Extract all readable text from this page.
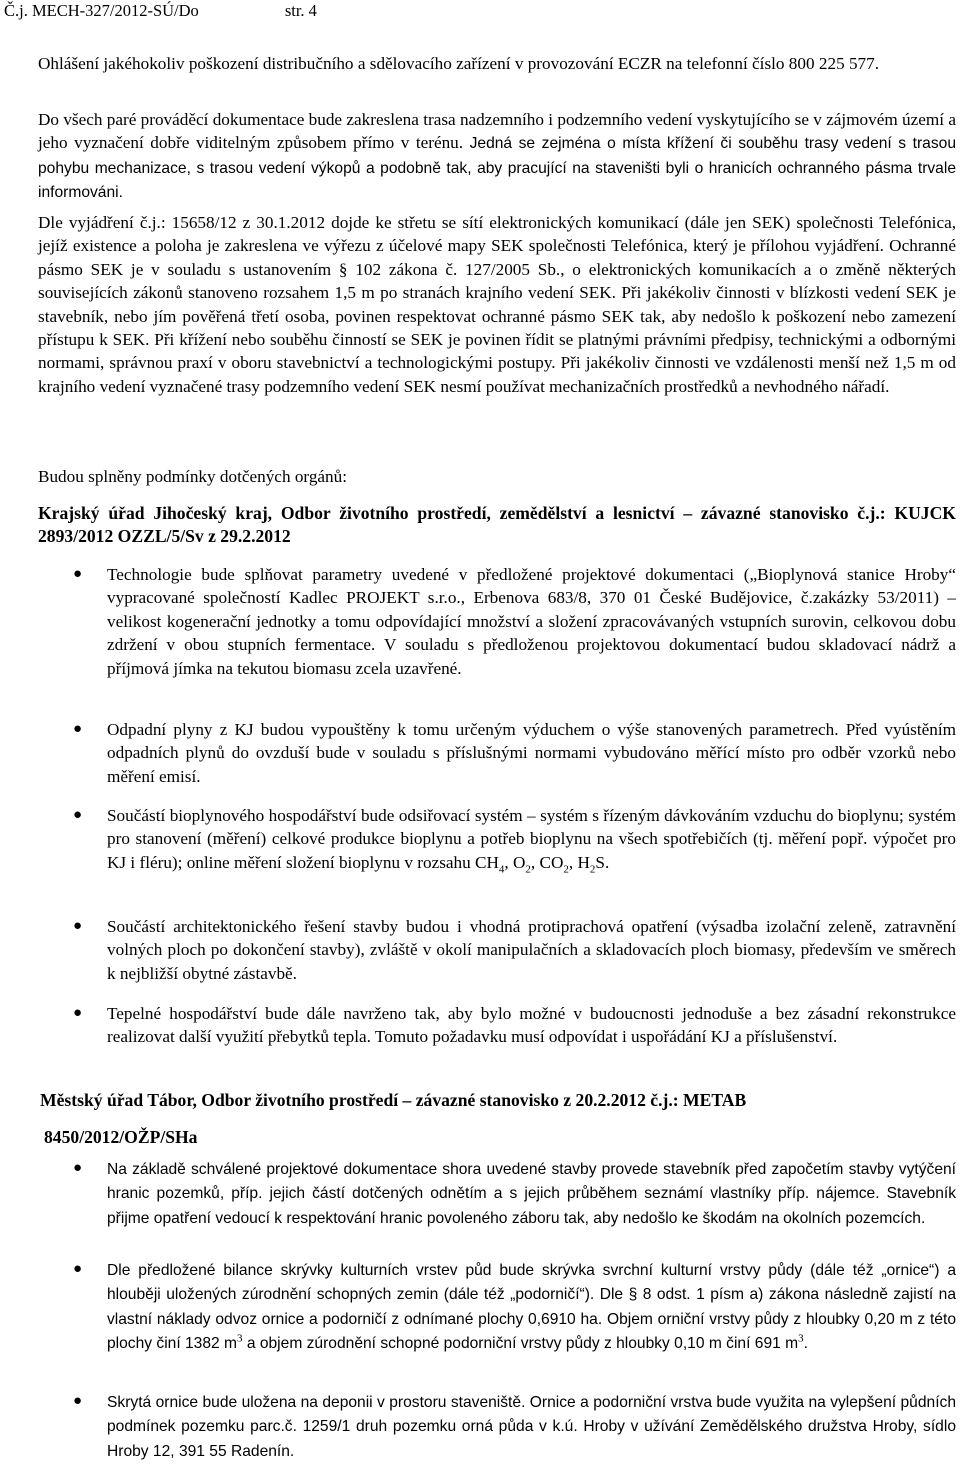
Č.j. MECH-327/2012-SÚ/Do	str. 4
Ohlášení jakéhokoliv poškození distribučního a sdělovacího zařízení v provozování ECZR na telefonní číslo 800 225 577.
Do všech paré prováděcí dokumentace bude zakreslena trasa nadzemního i podzemního vedení vyskytujícího se v zájmovém území a jeho vyznačení dobře viditelným způsobem přímo v terénu. Jedná se zejména o místa křížení či souběhu trasy vedení s trasou pohybu mechanizace, s trasou vedení výkopů a podobně tak, aby pracující na staveništi byli o hranicích ochranného pásma trvale informováni.
Dle vyjádření č.j.: 15658/12 z 30.1.2012 dojde ke střetu se sítí elektronických komunikací (dále jen SEK) společnosti Telefónica, jejíž existence a poloha je zakreslena ve výřezu z účelové mapy SEK společnosti Telefónica, který je přílohou vyjádření. Ochranné pásmo SEK je v souladu s ustanovením § 102 zákona č. 127/2005 Sb., o elektronických komunikacích a o změně některých souvisejících zákonů stanoveno rozsahem 1,5 m po stranách krajního vedení SEK. Při jakékoliv činnosti v blízkosti vedení SEK je stavebník, nebo jím pověřená třetí osoba, povinen respektovat ochranné pásmo SEK tak, aby nedošlo k poškození nebo zamezení přístupu k SEK. Při křížení nebo souběhu činností se SEK je povinen řídit se platnými právními předpisy, technickými a odbornými normami, správnou praxí v oboru stavebnictví a technologickými postupy. Při jakékoliv činnosti ve vzdálenosti menší než 1,5 m od krajního vedení vyznačené trasy podzemního vedení SEK nesmí používat mechanizačních prostředků a nevhodného nářadí.
Budou splněny podmínky dotčených orgánů:
Krajský úřad Jihočeský kraj, Odbor životního prostředí, zemědělství a lesnictví – závazné stanovisko č.j.: KUJCK 2893/2012 OZZL/5/Sv z 29.2.2012
● Technologie bude splňovat parametry uvedené v předložené projektové dokumentaci („Bioplynová stanice Hroby“ vypracované společností Kadlec PROJEKT s.r.o., Erbenova 683/8, 370 01 České Budějovice, č.zakázky 53/2011) – velikost kogenerační jednotky a tomu odpovídající množství a složení zpracovávaných vstupních surovin, celkovou dobu zdržení v obou stupních fermentace. V souladu s předloženou projektovou dokumentací budou skladovací nádrž a příjmová jímka na tekutou biomasu zcela uzavřené.
● Odpadní plyny z KJ budou vypouštěny k tomu určeným výduchem o výše stanovených parametrech. Před vyústěním odpadních plynů do ovzduší bude v souladu s příslušnými normami vybudováno měřící místo pro odběr vzorků nebo měření emisí.
● Součástí bioplynového hospodářství bude odsiřovací systém – systém s řízeným dávkováním vzduchu do bioplynu; systém pro stanovení (měření) celkové produkce bioplynu a potřeb bioplynu na všech spotřebičích (tj. měření popř. výpočet pro KJ i fléru); online měření složení bioplynu v rozsahu $CH_4$, $O_2$, $CO_2$, $H_2S$.
● Součástí architektonického řešení stavby budou i vhodná protiprachová opatření (výsadba izolační zeleně, zatravnění volných ploch po dokončení stavby), zvláště v okolí manipulačních a skladovacích ploch biomasy, především ve směrech k nejbližší obytné zástavbě.
● Tepelné hospodářství bude dále navrženo tak, aby bylo možné v budoucnosti jednoduše a bez zásadní rekonstrukce realizovat další využití přebytků tepla. Tomuto požadavku musí odpovídat i uspořádání KJ a příslušenství.
Městský úřad Tábor, Odbor životního prostředí – závazné stanovisko z 20.2.2012 č.j.: METAB
8450/2012/OŽP/SHa
● Na základě schválené projektové dokumentace shora uvedené stavby provede stavebník před započetím stavby vytýčení hranic pozemků, příp. jejich částí dotčených odnětím a s jejich průběhem seznámí vlastníky příp. nájemce. Stavebník přijme opatření vedoucí k respektování hranic povoleného záboru tak, aby nedošlo ke škodám na okolních pozemcích.
● Dle předložené bilance skrývky kulturních vrstev půd bude skrývka svrchní kulturní vrstvy půdy (dále též „ornice“) a hlouběji uložených zúrodnění schopných zemin (dále též „podorničí“). Dle § 8 odst. 1 písm a) zákona následně zajistí na vlastní náklady odvoz ornice a podorničí z odnímané plochy 0,6910 ha. Objem orniční vrstvy půdy z hloubky 0,20 m z této plochy činí 1382 $m^3$ a objem zúrodnění schopné podorniční vrstvy půdy z hloubky 0,10 m činí 691 $m^3$.
● Skrytá ornice bude uložena na deponii v prostoru staveniště. Ornice a podorniční vrstva bude využita na vylepšení půdních podmínek pozemku parc.č. 1259/1 druh pozemku orná půda v k.ú. Hroby v užívání Zemědělského družstva Hroby, sídlo Hroby 12, 391 55 Radenín.
